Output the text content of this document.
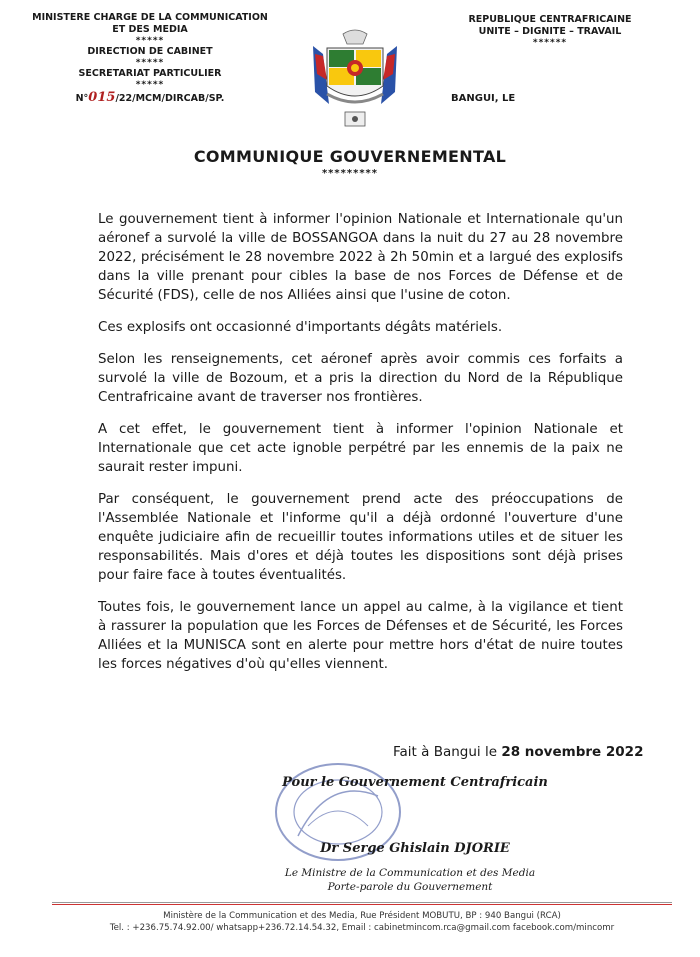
MINISTERE CHARGE DE LA COMMUNICATION
ET DES MEDIA
*****
DIRECTION DE CABINET
*****
SECRETARIAT PARTICULIER
*****
N°015/22/MCM/DIRCAB/SP.
REPUBLIQUE CENTRAFRICAINE
UNITE – DIGNITE – TRAVAIL
******
BANGUI, LE
COMMUNIQUE GOUVERNEMENTAL
*********

Le gouvernement tient à informer l'opinion Nationale et Internationale qu'un aéronef a survolé la ville de BOSSANGOA dans la nuit du 27 au 28 novembre 2022, précisément le 28 novembre 2022 à 2h 50min et a largué des explosifs dans la ville prenant pour cibles la base de nos Forces de Défense et de Sécurité (FDS), celle de nos Alliées ainsi que l'usine de coton.

Ces explosifs ont occasionné d'importants dégâts matériels.

Selon les renseignements, cet aéronef après avoir commis ces forfaits a survolé la ville de Bozoum, et a pris la direction du Nord de la République Centrafricaine avant de traverser nos frontières.

A cet effet, le gouvernement tient à informer l'opinion Nationale et Internationale que cet acte ignoble perpétré par les ennemis de la paix ne saurait rester impuni.

Par conséquent, le gouvernement prend acte des préoccupations de l'Assemblée Nationale et l'informe qu'il a déjà ordonné l'ouverture d'une enquête judiciaire afin de recueillir toutes informations utiles et de situer les responsabilités. Mais d'ores et déjà toutes les dispositions sont déjà prises pour faire face à toutes éventualités.

Toutes fois, le gouvernement lance un appel au calme, à la vigilance et tient à rassurer la population que les Forces de Défenses et de Sécurité, les Forces Alliées et la MUNISCA sont en alerte pour mettre hors d'état de nuire toutes les forces négatives d'où qu'elles viennent.

Fait à Bangui le 28 novembre 2022
Pour le Gouvernement Centrafricain
Dr Serge Ghislain DJORIE
Le Ministre de la Communication et des Media
Porte-parole du Gouvernement
Ministère de la Communication et des Media, Rue Président MOBUTU, BP : 940 Bangui (RCA)
Tel. : +236.75.74.92.00/ whatsapp+236.72.14.54.32, Email : cabinetmincom.rca@gmail.com facebook.com/mincomr
